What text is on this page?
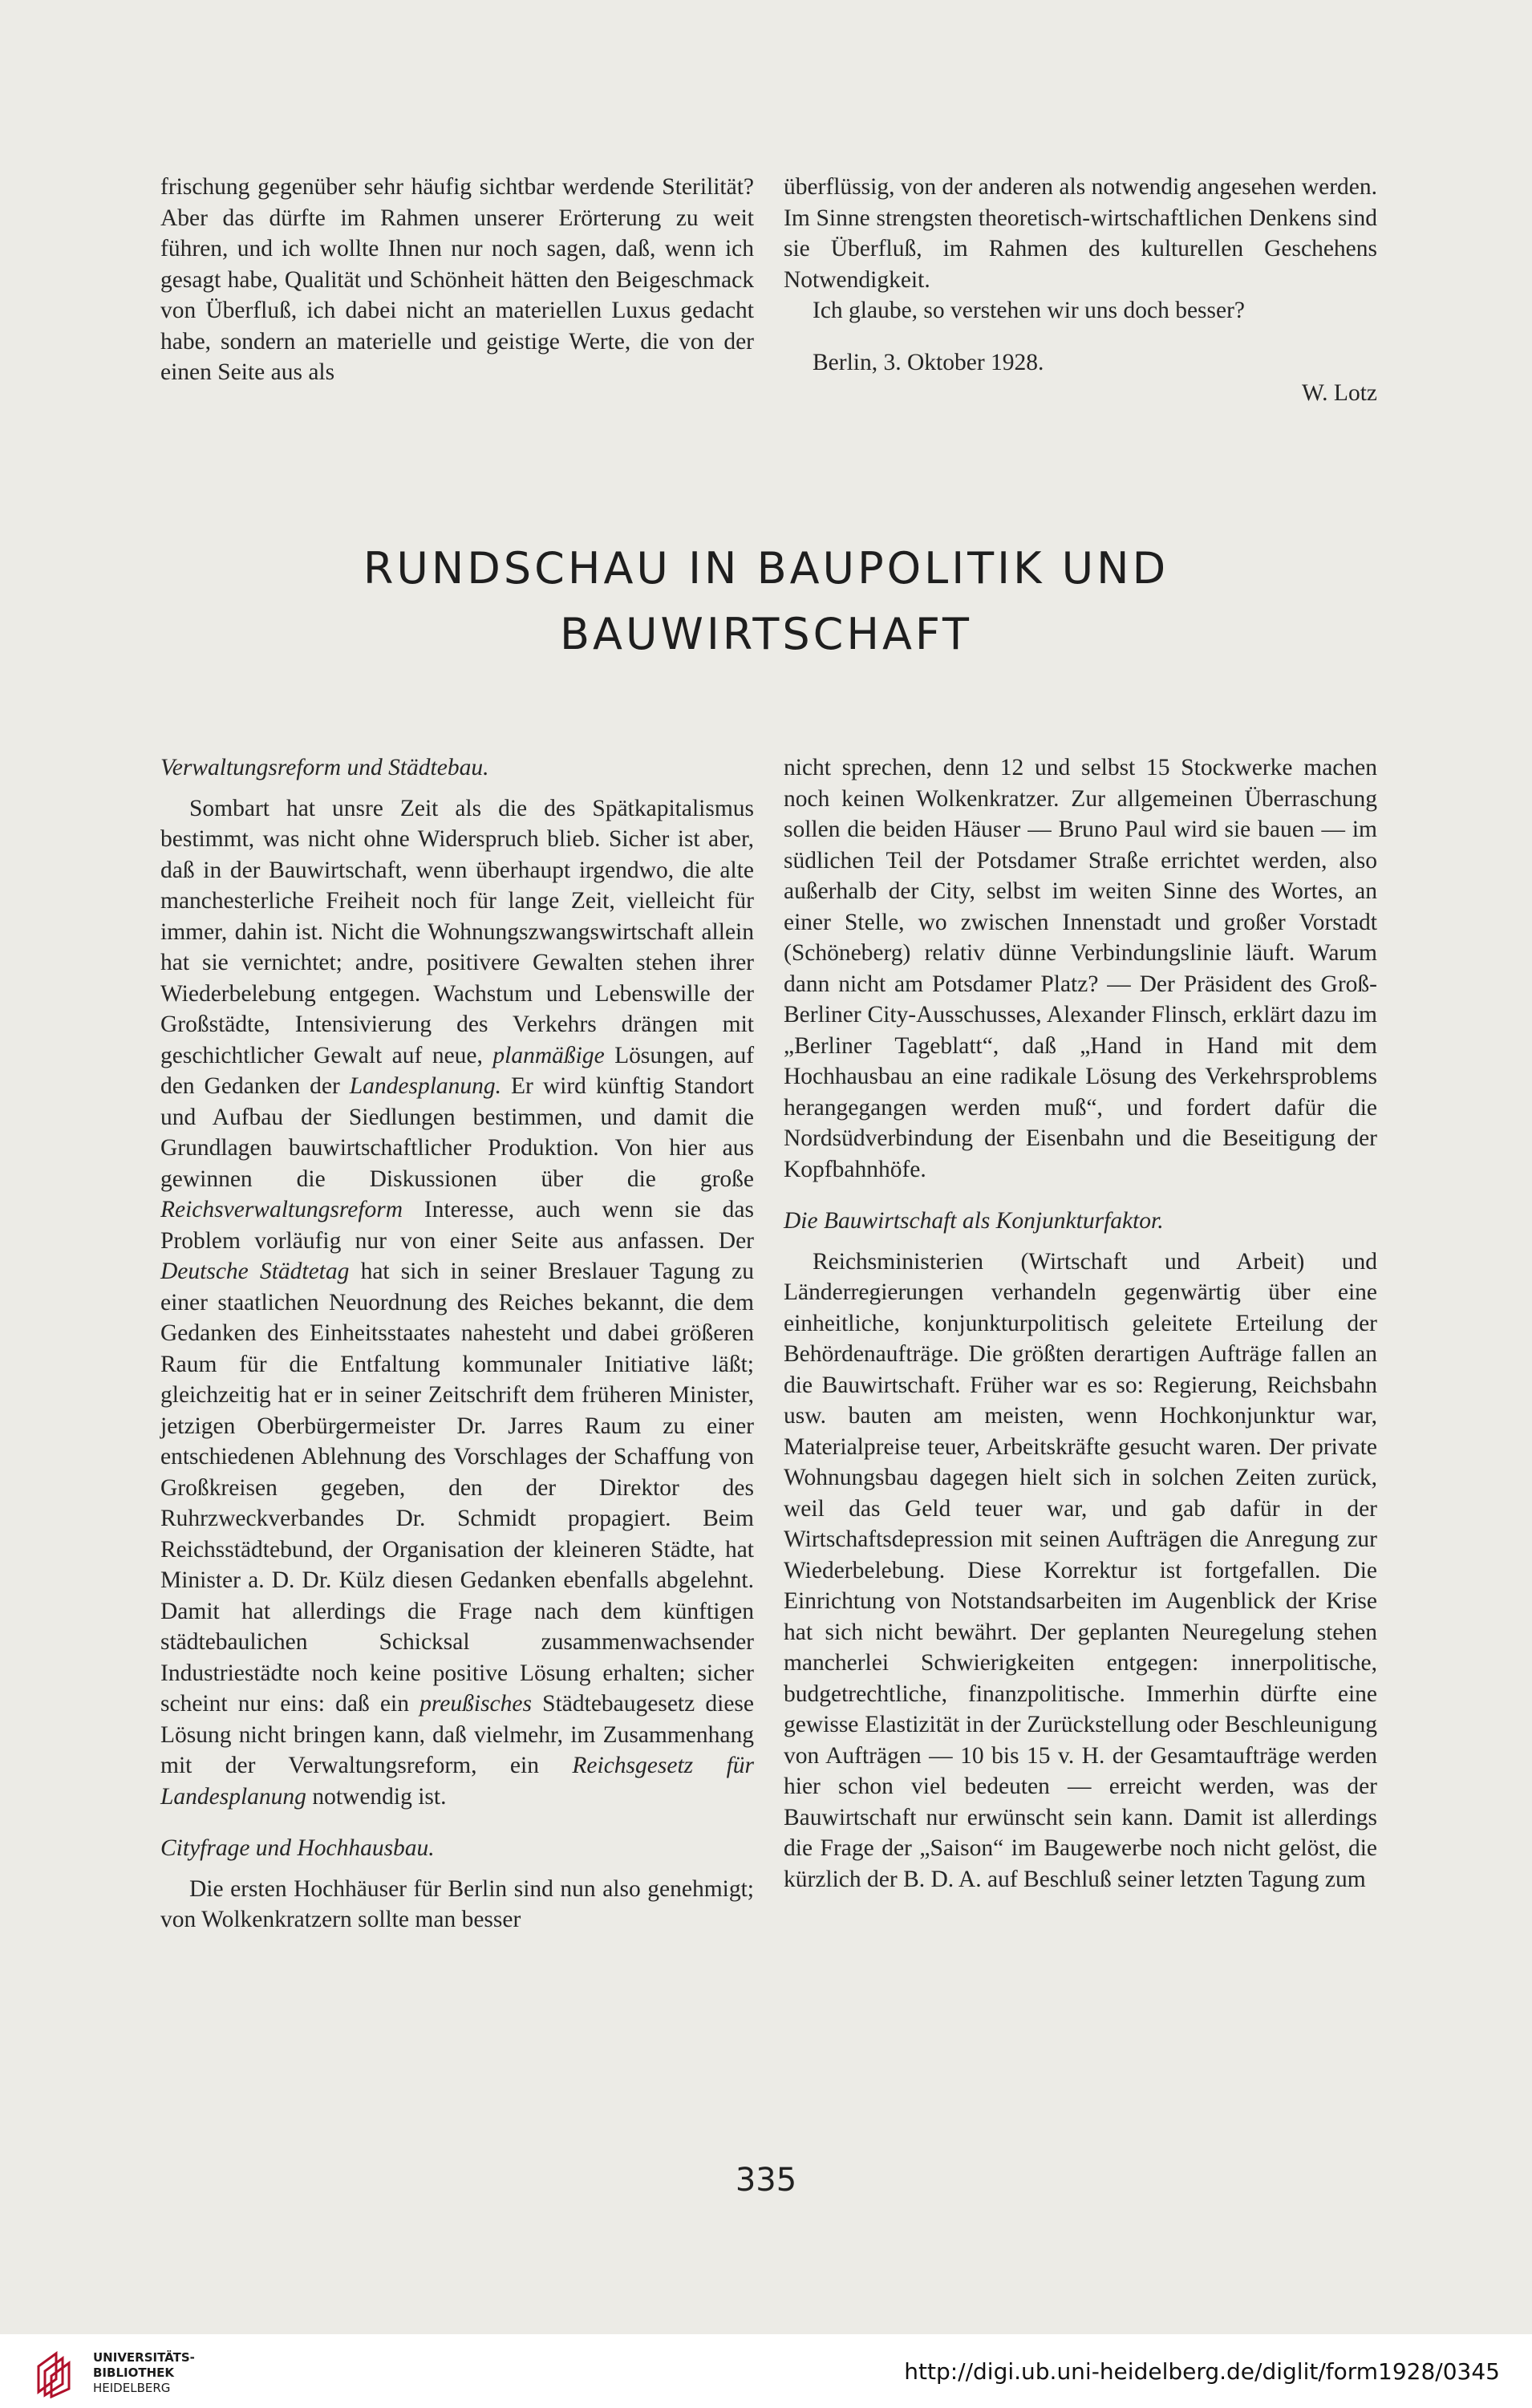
frischung gegenüber sehr häufig sichtbar werdende Sterilität? Aber das dürfte im Rahmen unserer Erörterung zu weit führen, und ich wollte Ihnen nur noch sagen, daß, wenn ich gesagt habe, Qualität und Schönheit hätten den Beigeschmack von Überfluß, ich dabei nicht an materiellen Luxus gedacht habe, sondern an materielle und geistige Werte, die von der einen Seite aus als

überflüssig, von der anderen als notwendig angesehen werden. Im Sinne strengsten theoretisch-wirtschaftlichen Denkens sind sie Überfluß, im Rahmen des kulturellen Geschehens Notwendigkeit.

Ich glaube, so verstehen wir uns doch besser?

Berlin, 3. Oktober 1928.

W. Lotz

RUNDSCHAU IN BAUPOLITIK UND
BAUWIRTSCHAFT

Verwaltungsreform und Städtebau.

Sombart hat unsre Zeit als die des Spätkapitalismus bestimmt, was nicht ohne Widerspruch blieb. Sicher ist aber, daß in der Bauwirtschaft, wenn überhaupt irgendwo, die alte manchesterliche Freiheit noch für lange Zeit, vielleicht für immer, dahin ist. Nicht die Wohnungszwangswirtschaft allein hat sie vernichtet; andre, positivere Gewalten stehen ihrer Wiederbelebung entgegen. Wachstum und Lebenswille der Großstädte, Intensivierung des Verkehrs drängen mit geschichtlicher Gewalt auf neue, planmäßige Lösungen, auf den Gedanken der Landesplanung. Er wird künftig Standort und Aufbau der Siedlungen bestimmen, und damit die Grundlagen bauwirtschaftlicher Produktion. Von hier aus gewinnen die Diskussionen über die große Reichsverwaltungsreform Interesse, auch wenn sie das Problem vorläufig nur von einer Seite aus anfassen. Der Deutsche Städtetag hat sich in seiner Breslauer Tagung zu einer staatlichen Neuordnung des Reiches bekannt, die dem Gedanken des Einheitsstaates nahesteht und dabei größeren Raum für die Entfaltung kommunaler Initiative läßt; gleichzeitig hat er in seiner Zeitschrift dem früheren Minister, jetzigen Oberbürgermeister Dr. Jarres Raum zu einer entschiedenen Ablehnung des Vorschlages der Schaffung von Großkreisen gegeben, den der Direktor des Ruhrzweckverbandes Dr. Schmidt propagiert. Beim Reichsstädtebund, der Organisation der kleineren Städte, hat Minister a. D. Dr. Külz diesen Gedanken ebenfalls abgelehnt. Damit hat allerdings die Frage nach dem künftigen städtebaulichen Schicksal zusammenwachsender Industriestädte noch keine positive Lösung erhalten; sicher scheint nur eins: daß ein preußisches Städtebaugesetz diese Lösung nicht bringen kann, daß vielmehr, im Zusammenhang mit der Verwaltungsreform, ein Reichsgesetz für Landesplanung notwendig ist.

Cityfrage und Hochhausbau.

Die ersten Hochhäuser für Berlin sind nun also genehmigt; von Wolkenkratzern sollte man besser

nicht sprechen, denn 12 und selbst 15 Stockwerke machen noch keinen Wolkenkratzer. Zur allgemeinen Überraschung sollen die beiden Häuser — Bruno Paul wird sie bauen — im südlichen Teil der Potsdamer Straße errichtet werden, also außerhalb der City, selbst im weiten Sinne des Wortes, an einer Stelle, wo zwischen Innenstadt und großer Vorstadt (Schöneberg) relativ dünne Verbindungslinie läuft. Warum dann nicht am Potsdamer Platz? — Der Präsident des Groß-Berliner City-Ausschusses, Alexander Flinsch, erklärt dazu im „Berliner Tageblatt“, daß „Hand in Hand mit dem Hochhausbau an eine radikale Lösung des Verkehrsproblems herangegangen werden muß“, und fordert dafür die Nordsüdverbindung der Eisenbahn und die Beseitigung der Kopfbahnhöfe.

Die Bauwirtschaft als Konjunkturfaktor.

Reichsministerien (Wirtschaft und Arbeit) und Länderregierungen verhandeln gegenwärtig über eine einheitliche, konjunkturpolitisch geleitete Erteilung der Behördenaufträge. Die größten derartigen Aufträge fallen an die Bauwirtschaft. Früher war es so: Regierung, Reichsbahn usw. bauten am meisten, wenn Hochkonjunktur war, Materialpreise teuer, Arbeitskräfte gesucht waren. Der private Wohnungsbau dagegen hielt sich in solchen Zeiten zurück, weil das Geld teuer war, und gab dafür in der Wirtschaftsdepression mit seinen Aufträgen die Anregung zur Wiederbelebung. Diese Korrektur ist fortgefallen. Die Einrichtung von Notstandsarbeiten im Augenblick der Krise hat sich nicht bewährt. Der geplanten Neuregelung stehen mancherlei Schwierigkeiten entgegen: innerpolitische, budgetrechtliche, finanzpolitische. Immerhin dürfte eine gewisse Elastizität in der Zurückstellung oder Beschleunigung von Aufträgen — 10 bis 15 v. H. der Gesamtaufträge werden hier schon viel bedeuten — erreicht werden, was der Bauwirtschaft nur erwünscht sein kann. Damit ist allerdings die Frage der „Saison“ im Baugewerbe noch nicht gelöst, die kürzlich der B. D. A. auf Beschluß seiner letzten Tagung zum

335
UNIVERSITÄTS-
BIBLIOTHEK
HEIDELBERG
http://digi.ub.uni-heidelberg.de/diglit/form1928/0345
